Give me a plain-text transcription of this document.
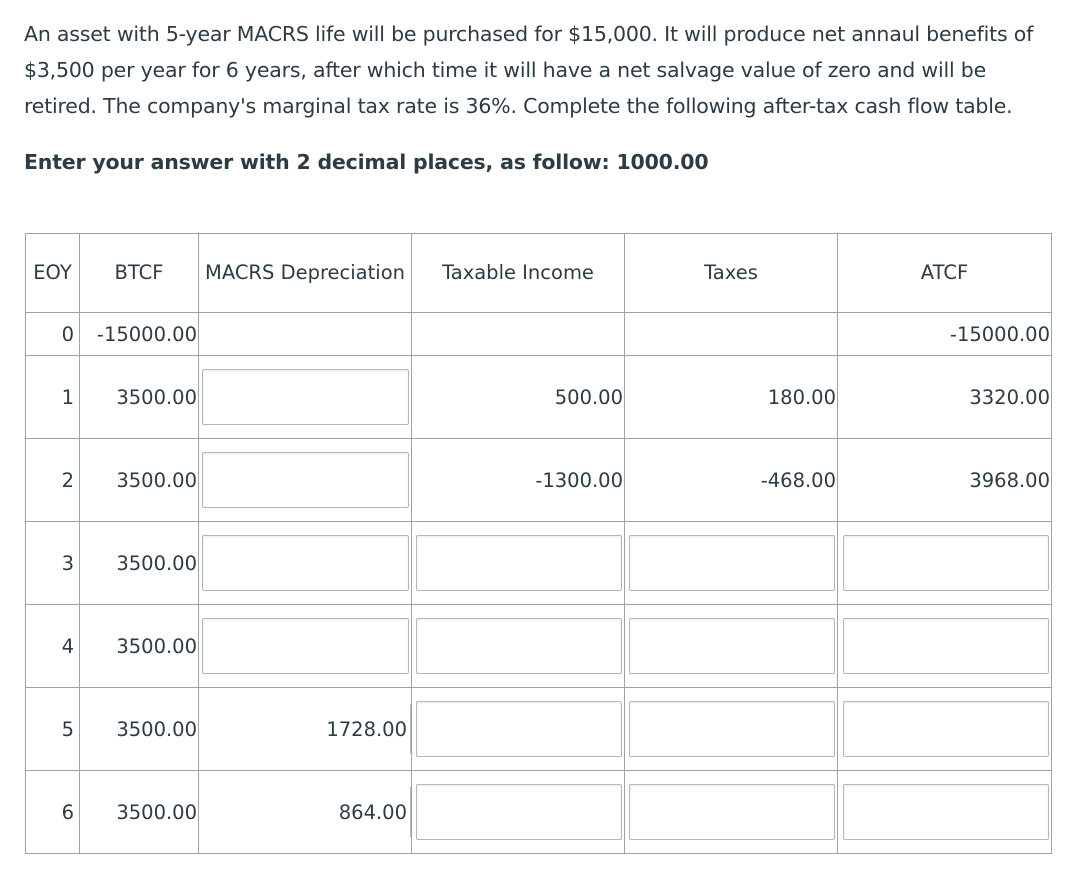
An asset with 5-year MACRS life will be purchased for $15,000. It will produce net annaul benefits of $3,500 per year for 6 years, after which time it will have a net salvage value of zero and will be retired. The company's marginal tax rate is 36%. Complete the following after-tax cash flow table.

Enter your answer with 2 decimal places, as follow: 1000.00

EOY	BTCF	MACRS Depreciation	Taxable Income	Taxes	ATCF

0	-15000.00				-15000.00

1	3500.00		500.00	180.00	3320.00

2	3500.00		-1300.00	-468.00	3968.00

3	3500.00

4	3500.00

5	3500.00	1728.00

6	3500.00	864.00
